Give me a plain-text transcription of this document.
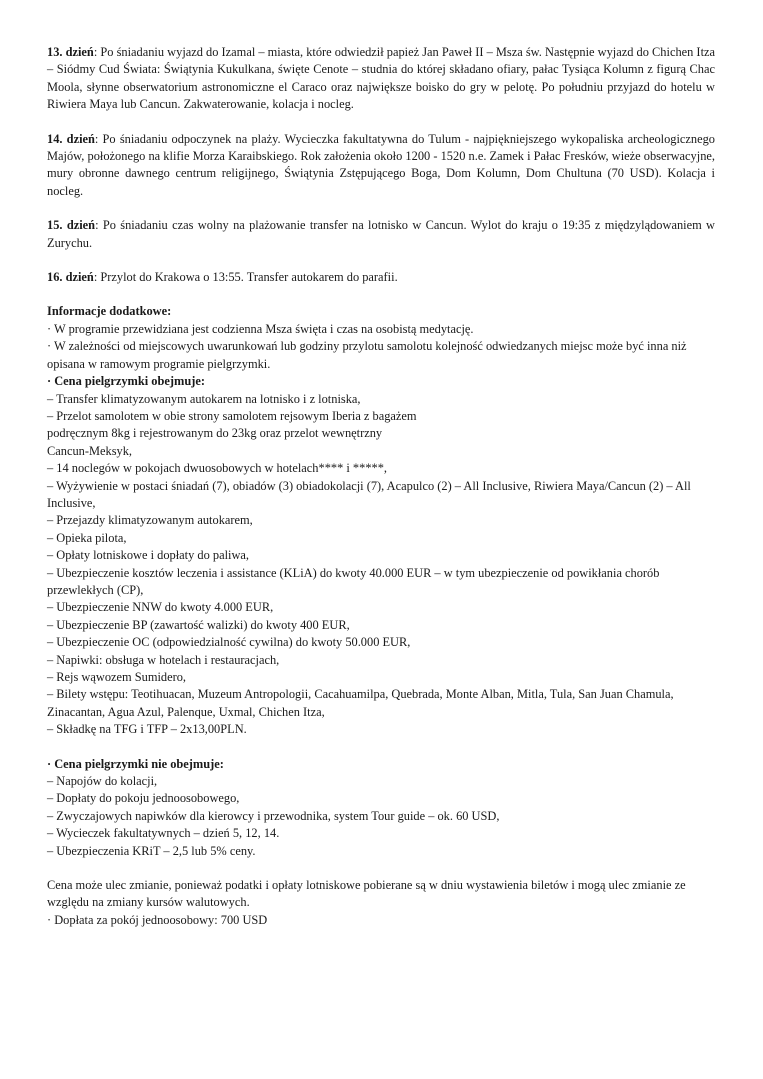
13. dzień: Po śniadaniu wyjazd do Izamal – miasta, które odwiedził papież Jan Paweł II – Msza św. Następnie wyjazd do Chichen Itza – Siódmy Cud Świata: Świątynia Kukulkana, święte Cenote – studnia do której składano ofiary, pałac Tysiąca Kolumn z figurą Chac Moola, słynne obserwatorium astronomiczne el Caraco oraz największe boisko do gry w pelotę. Po południu przyjazd do hotelu w Riwiera Maya lub Cancun. Zakwaterowanie, kolacja i nocleg.

14. dzień: Po śniadaniu odpoczynek na plaży. Wycieczka fakultatywna do Tulum - najpiękniejszego wykopaliska archeologicznego Majów, położonego na klifie Morza Karaibskiego. Rok założenia około 1200 - 1520 n.e. Zamek i Pałac Fresków, wieże obserwacyjne, mury obronne dawnego centrum religijnego, Świątynia Zstępującego Boga, Dom Kolumn, Dom Chultuna (70 USD). Kolacja i nocleg.

15. dzień: Po śniadaniu czas wolny na plażowanie transfer na lotnisko w Cancun. Wylot do kraju o 19:35 z międzylądowaniem w Zurychu.

16. dzień: Przylot do Krakowa o 13:55. Transfer autokarem do parafii.

Informacje dodatkowe:

· W programie przewidziana jest codzienna Msza święta i czas na osobistą medytację.

· W zależności od miejscowych uwarunkowań lub godziny przylotu samolotu kolejność odwiedzanych miejsc może być inna niż opisana w ramowym programie pielgrzymki.

· Cena pielgrzymki obejmuje:

– Transfer klimatyzowanym autokarem na lotnisko i z lotniska,

– Przelot samolotem w obie strony samolotem rejsowym Iberia z bagażem

podręcznym 8kg i rejestrowanym do 23kg oraz przelot wewnętrzny

Cancun-Meksyk,

– 14 noclegów w pokojach dwuosobowych w hotelach**** i *****,

– Wyżywienie w postaci śniadań (7), obiadów (3) obiadokolacji (7), Acapulco (2) – All Inclusive, Riwiera Maya/Cancun (2) – All Inclusive,

– Przejazdy klimatyzowanym autokarem,

– Opieka pilota,

– Opłaty lotniskowe i dopłaty do paliwa,

– Ubezpieczenie kosztów leczenia i assistance (KLiA) do kwoty 40.000 EUR – w tym ubezpieczenie od powikłania chorób przewlekłych (CP),

– Ubezpieczenie NNW do kwoty 4.000 EUR,

– Ubezpieczenie BP (zawartość walizki) do kwoty 400 EUR,

– Ubezpieczenie OC (odpowiedzialność cywilna) do kwoty 50.000 EUR,

– Napiwki: obsługa w hotelach i restauracjach,

– Rejs wąwozem Sumidero,

– Bilety wstępu: Teotihuacan, Muzeum Antropologii, Cacahuamilpa, Quebrada, Monte Alban, Mitla, Tula, San Juan Chamula, Zinacantan, Agua Azul, Palenque, Uxmal, Chichen Itza,

– Składkę na TFG i TFP – 2x13,00PLN.

· Cena pielgrzymki nie obejmuje:

– Napojów do kolacji,

– Dopłaty do pokoju jednoosobowego,

– Zwyczajowych napiwków dla kierowcy i przewodnika, system Tour guide – ok. 60 USD,

– Wycieczek fakultatywnych – dzień 5, 12, 14.

– Ubezpieczenia KRiT – 2,5 lub 5% ceny.

Cena może ulec zmianie, ponieważ podatki i opłaty lotniskowe pobierane są w dniu wystawienia biletów i mogą ulec zmianie ze względu na zmiany kursów walutowych.

· Dopłata za pokój jednoosobowy: 700 USD
